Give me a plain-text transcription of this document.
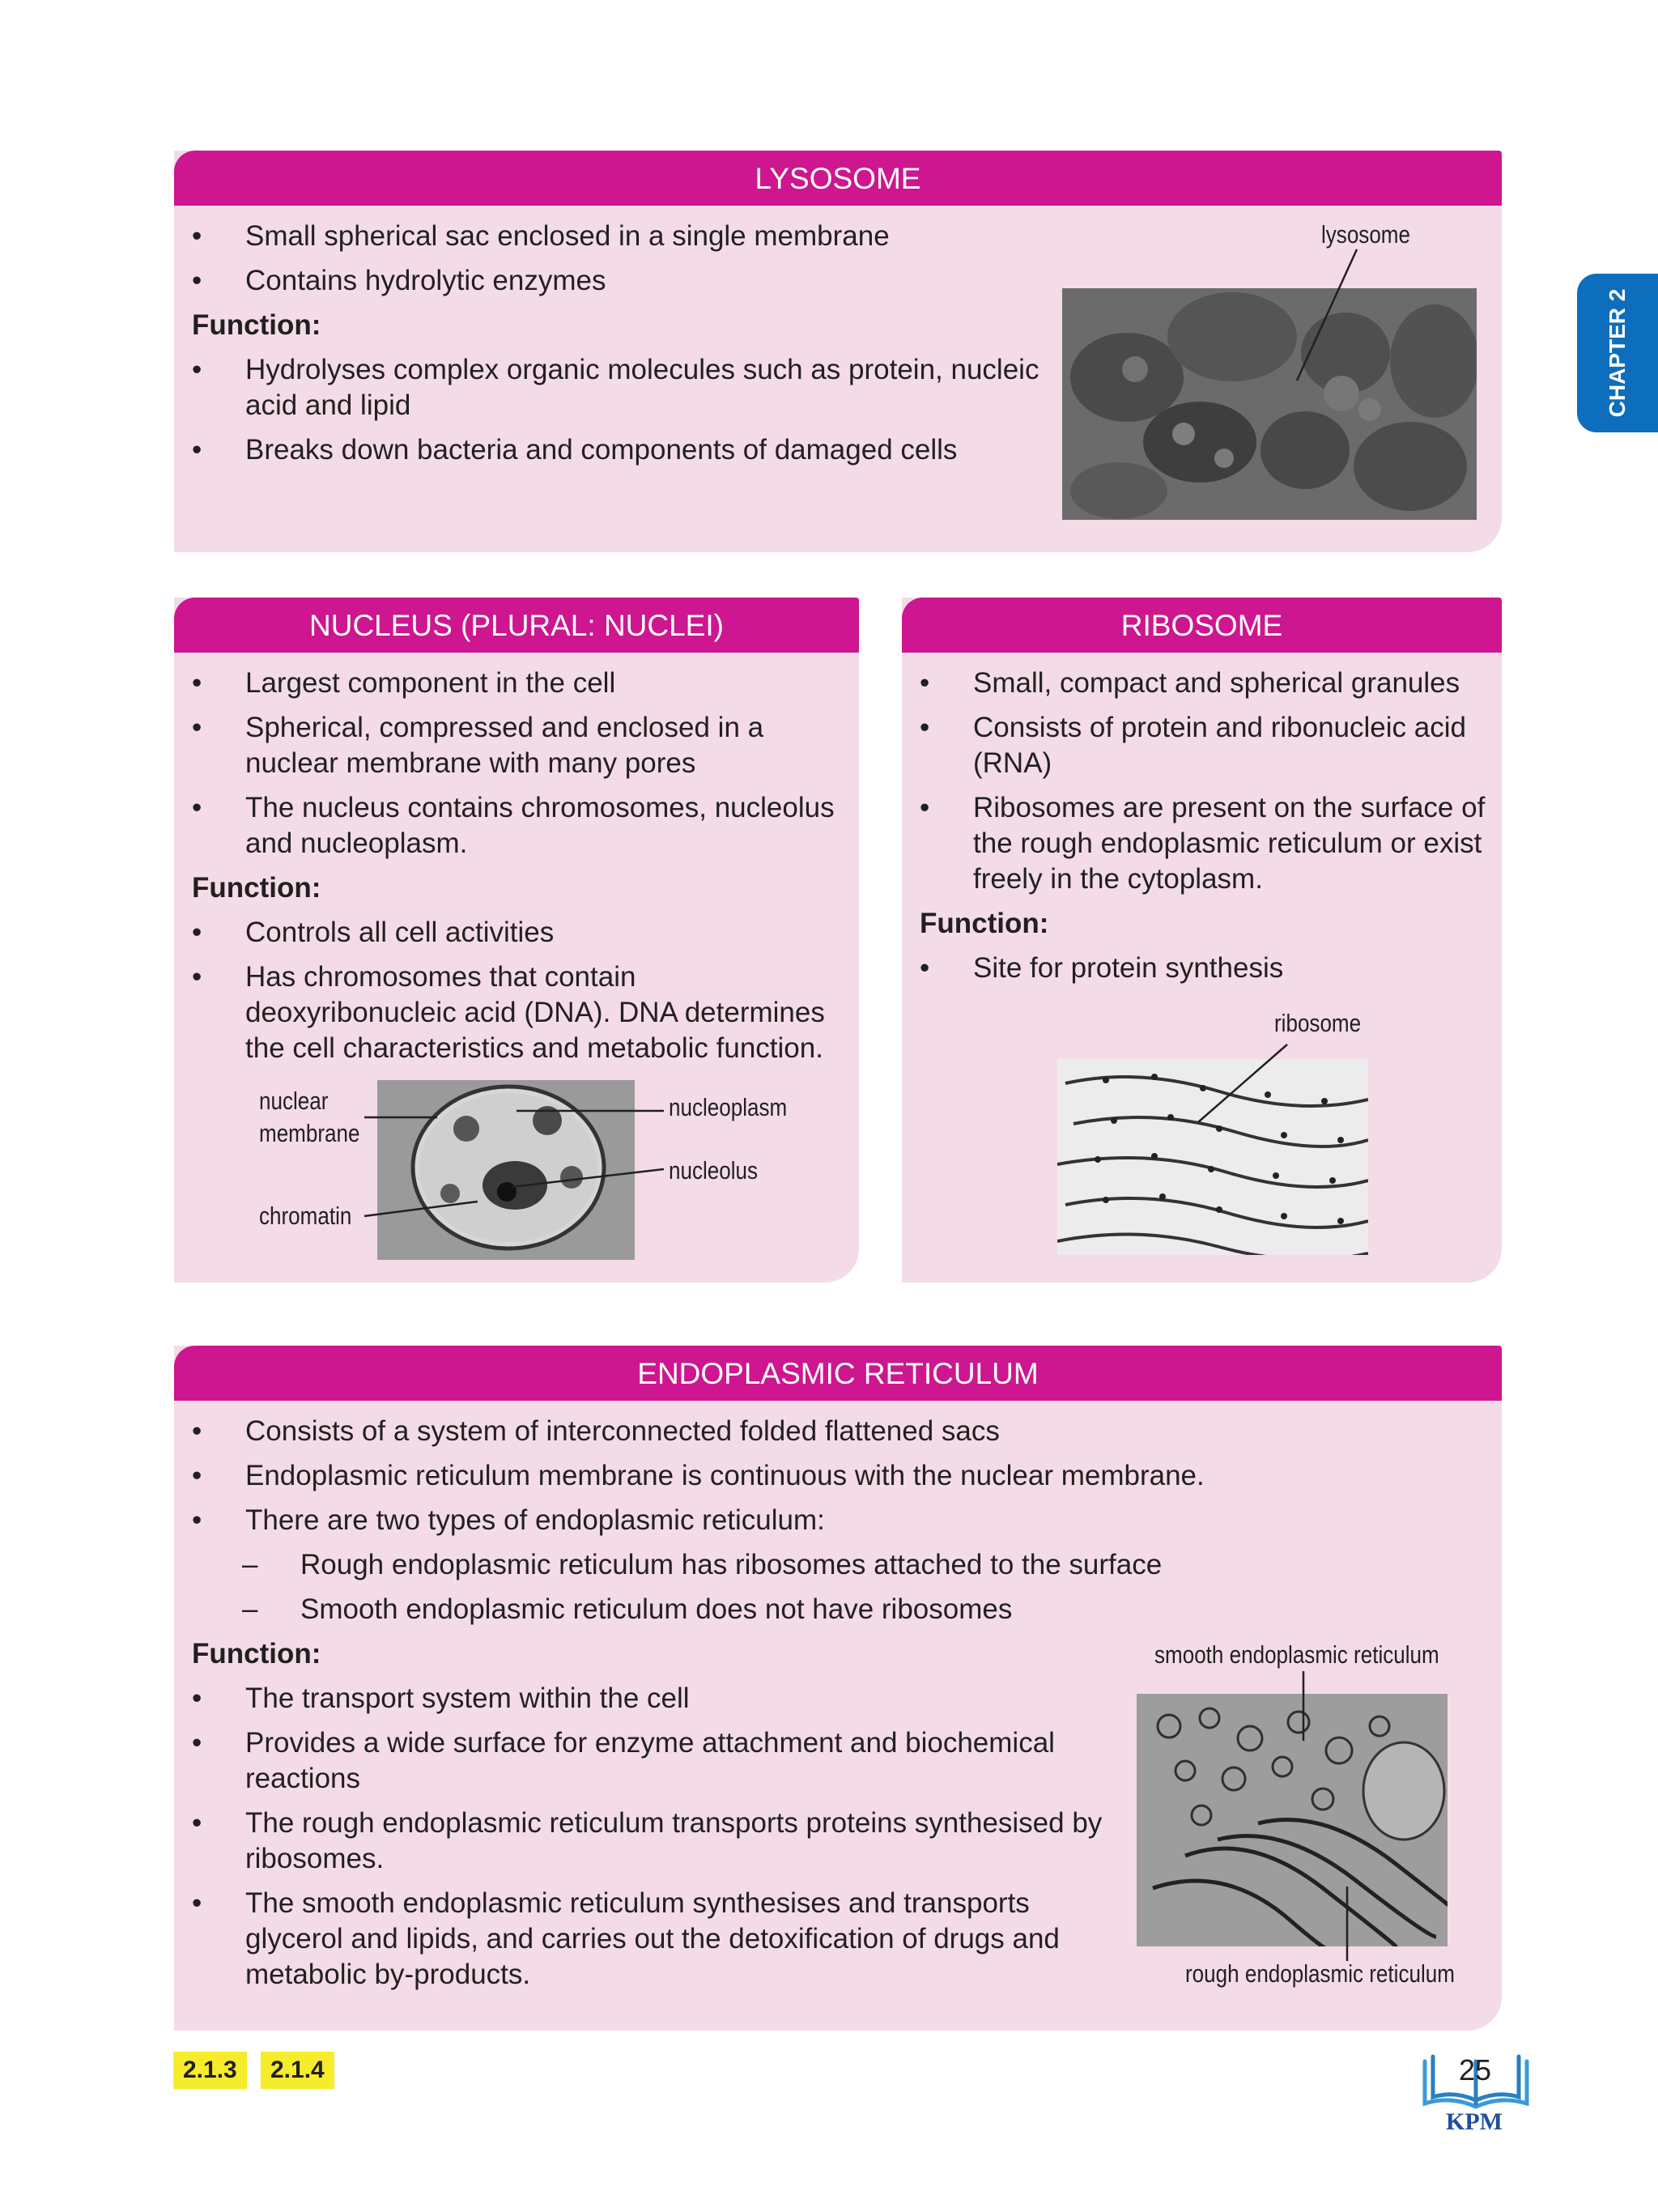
CHAPTER 2
LYSOSOME
• Small spherical sac enclosed in a single membrane
• Contains hydrolytic enzymes
Function:
• Hydrolyses complex organic molecules such as protein, nucleic acid and lipid
• Breaks down bacteria and components of damaged cells
lysosome
NUCLEUS (PLURAL: NUCLEI)
• Largest component in the cell
• Spherical, compressed and enclosed in a nuclear membrane with many pores
• The nucleus contains chromosomes, nucleolus and nucleoplasm.
Function:
• Controls all cell activities
• Has chromosomes that contain deoxyribonucleic acid (DNA). DNA determines the cell characteristics and metabolic function.
nuclear
membrane
chromatin
nucleoplasm
nucleolus
RIBOSOME
• Small, compact and spherical granules
• Consists of protein and ribonucleic acid (RNA)
• Ribosomes are present on the surface of the rough endoplasmic reticulum or exist freely in the cytoplasm.
Function:
• Site for protein synthesis
ribosome
ENDOPLASMIC RETICULUM
• Consists of a system of interconnected folded flattened sacs
• Endoplasmic reticulum membrane is continuous with the nuclear membrane.
• There are two types of endoplasmic reticulum:
– Rough endoplasmic reticulum has ribosomes attached to the surface
– Smooth endoplasmic reticulum does not have ribosomes
Function:
• The transport system within the cell
• Provides a wide surface for enzyme attachment and biochemical reactions
• The rough endoplasmic reticulum transports proteins synthesised by ribosomes.
• The smooth endoplasmic reticulum synthesises and transports glycerol and lipids, and carries out the detoxification of drugs and metabolic by-products.
smooth endoplasmic reticulum
rough endoplasmic reticulum
2.1.3	2.1.4	25
KPM
